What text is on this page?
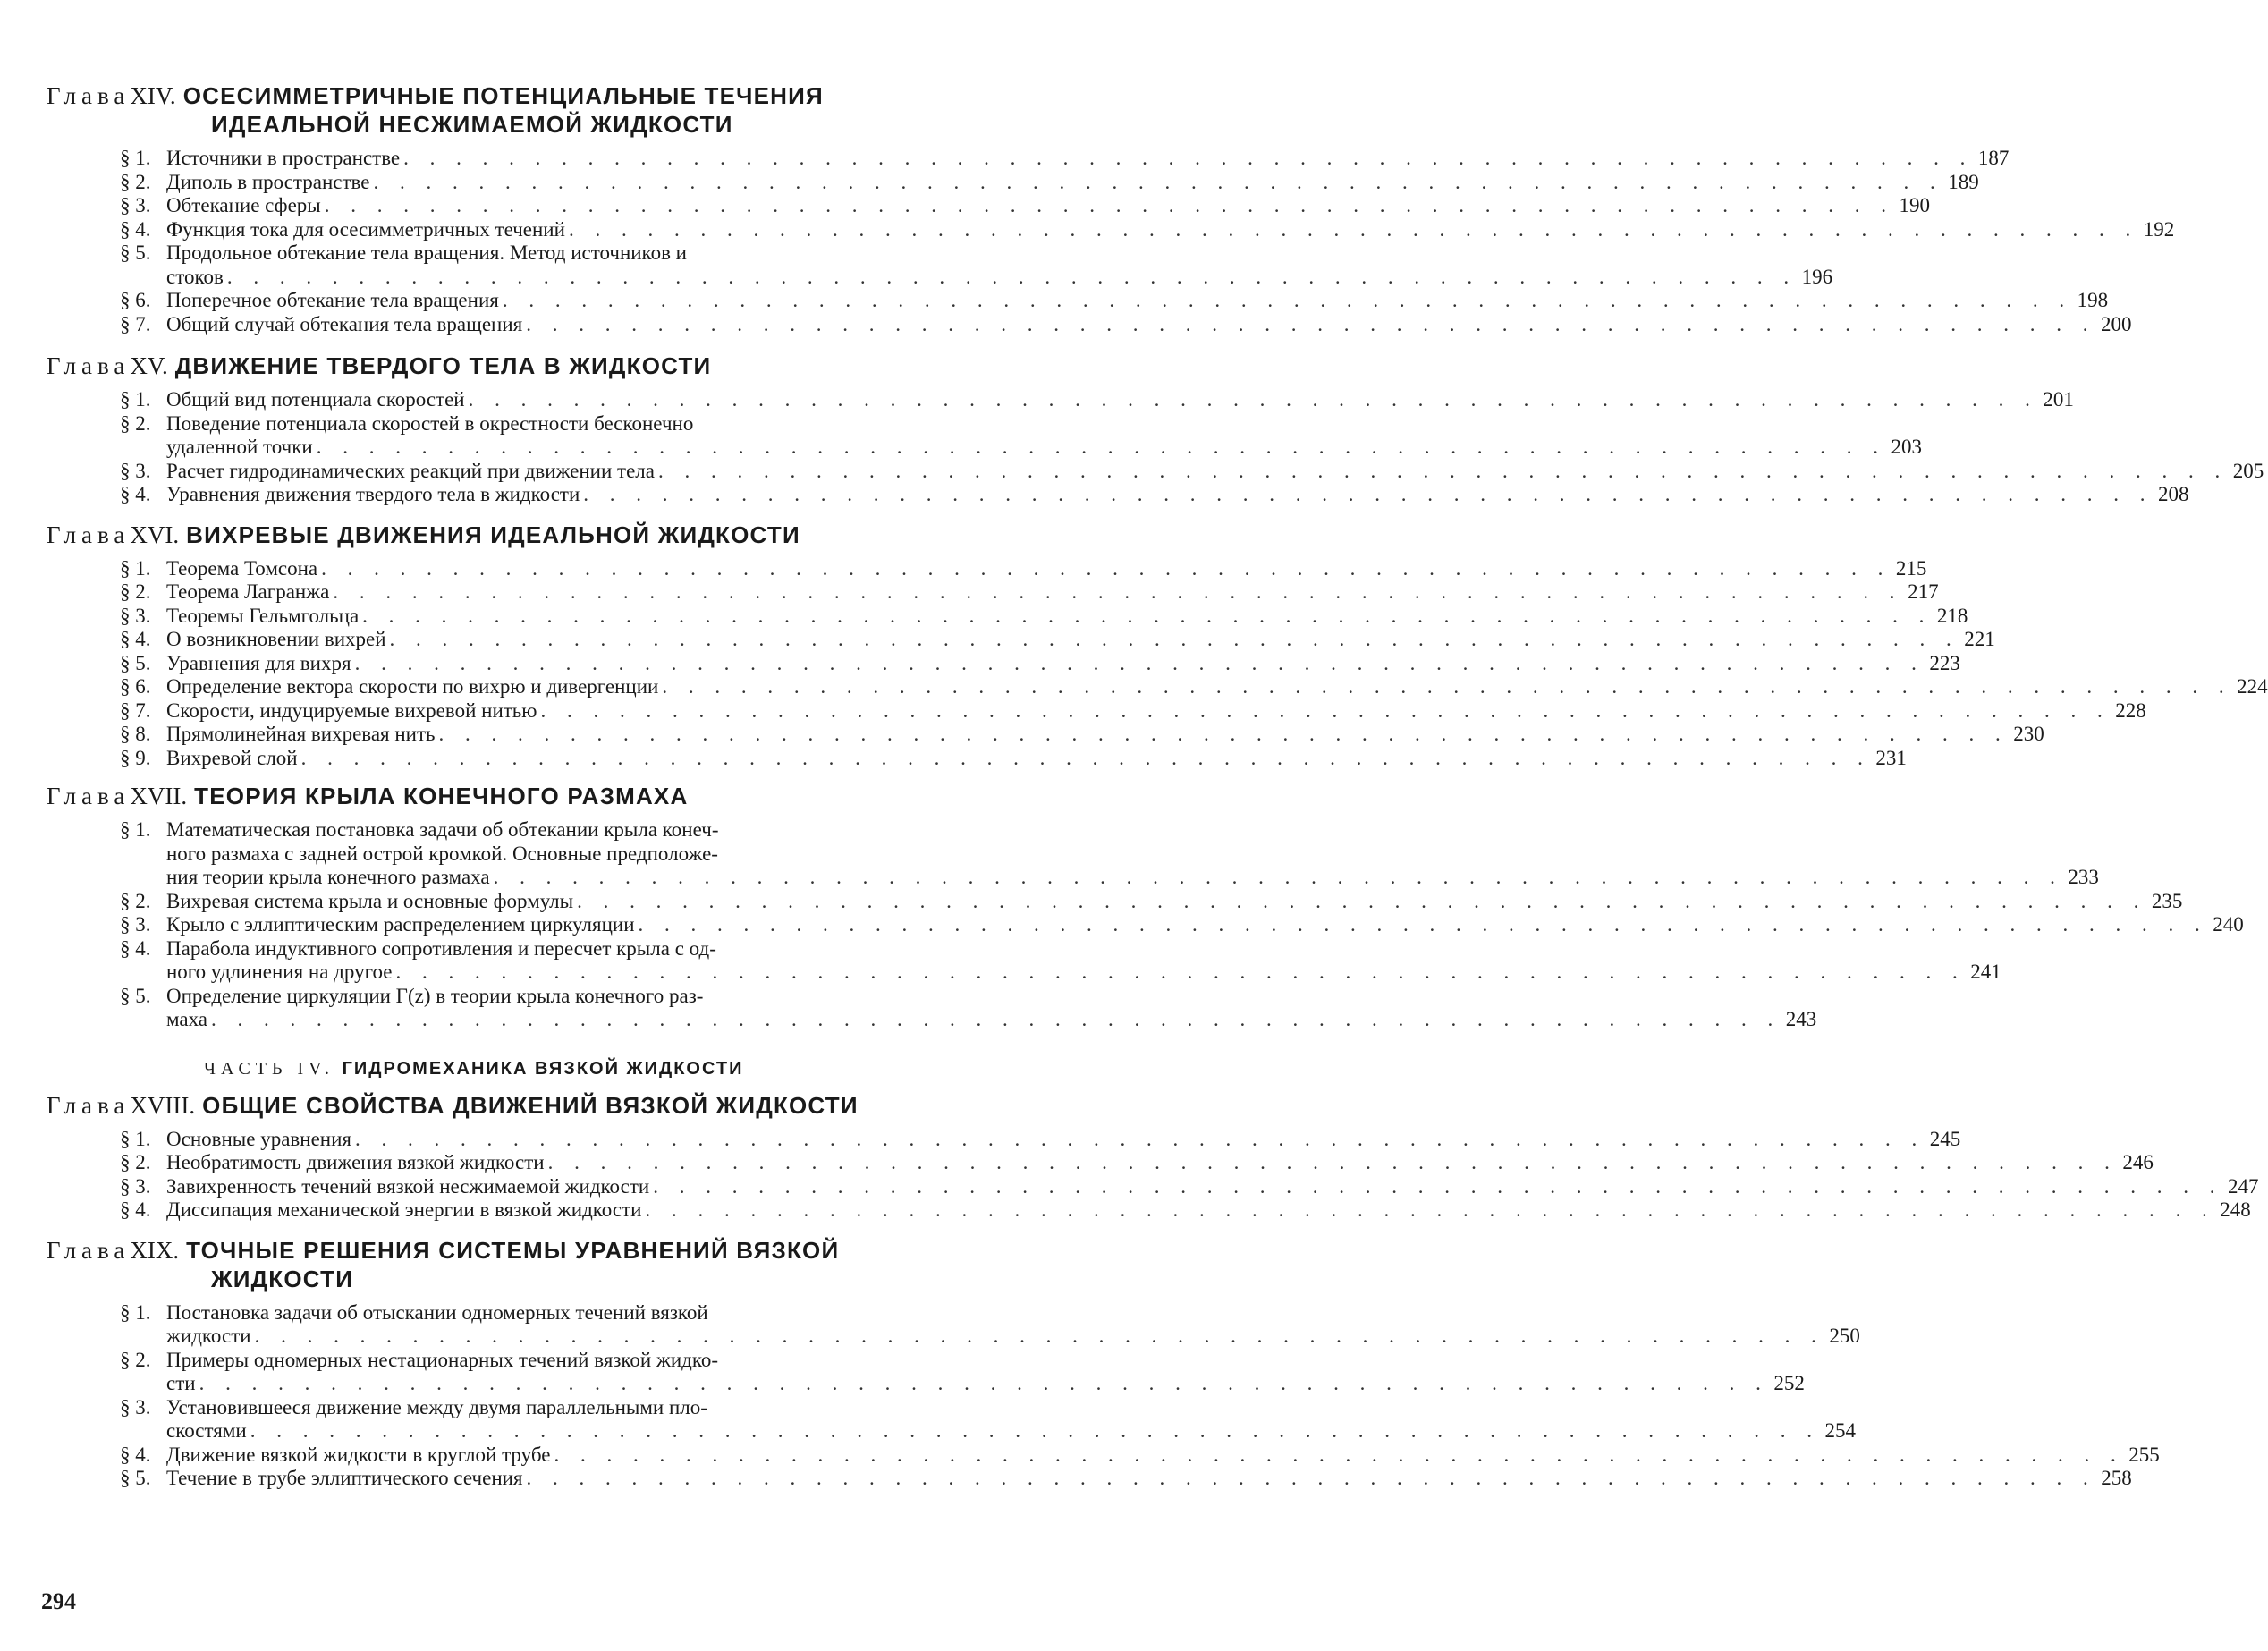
ГлаваXIV. ОСЕСИММЕТРИЧНЫЕ ПОТЕНЦИАЛЬНЫЕ ТЕЧЕНИЯ
ИДЕАЛЬНОЙ НЕСЖИМАЕМОЙ ЖИДКОСТИ
§ 1. Источники в пространстве . . . . . . . . . . . . . . . . . . . . . . . . . . . . . . . . . . . . . . . . . . . . . . . . . . . . . . . . . . . . 187
§ 2. Диполь в пространстве . . . . . . . . . . . . . . . . . . . . . . . . . . . . . . . . . . . . . . . . . . . . . . . . . . . . . . . . . . . . 189
§ 3. Обтекание сферы . . . . . . . . . . . . . . . . . . . . . . . . . . . . . . . . . . . . . . . . . . . . . . . . . . . . . . . . . . . . 190
§ 4. Функция тока для осесимметричных течений . . . . . . . . . . . . . . . . . . . . . . . . . . . . . . . . . . . . . . . . . . . . . . . . . . . . . . . . . . . . 192
§ 5. Продольное обтекание тела вращения. Метод источников и
стоков . . . . . . . . . . . . . . . . . . . . . . . . . . . . . . . . . . . . . . . . . . . . . . . . . . . . . . . . . . . . 196
§ 6. Поперечное обтекание тела вращения . . . . . . . . . . . . . . . . . . . . . . . . . . . . . . . . . . . . . . . . . . . . . . . . . . . . . . . . . . . . 198
§ 7. Общий случай обтекания тела вращения . . . . . . . . . . . . . . . . . . . . . . . . . . . . . . . . . . . . . . . . . . . . . . . . . . . . . . . . . . . . 200
ГлаваXV. ДВИЖЕНИЕ ТВЕРДОГО ТЕЛА В ЖИДКОСТИ
§ 1. Общий вид потенциала скоростей . . . . . . . . . . . . . . . . . . . . . . . . . . . . . . . . . . . . . . . . . . . . . . . . . . . . . . . . . . . . 201
§ 2. Поведение потенциала скоростей в окрестности бесконечно
удаленной точки . . . . . . . . . . . . . . . . . . . . . . . . . . . . . . . . . . . . . . . . . . . . . . . . . . . . . . . . . . . . 203
§ 3. Расчет гидродинамических реакций при движении тела . . . . . . . . . . . . . . . . . . . . . . . . . . . . . . . . . . . . . . . . . . . . . . . . . . . . . . . . . . . . 205
§ 4. Уравнения движения твердого тела в жидкости . . . . . . . . . . . . . . . . . . . . . . . . . . . . . . . . . . . . . . . . . . . . . . . . . . . . . . . . . . . . 208
ГлаваXVI. ВИХРЕВЫЕ ДВИЖЕНИЯ ИДЕАЛЬНОЙ ЖИДКОСТИ
§ 1. Теорема Томсона . . . . . . . . . . . . . . . . . . . . . . . . . . . . . . . . . . . . . . . . . . . . . . . . . . . . . . . . . . . . 215
§ 2. Теорема Лагранжа . . . . . . . . . . . . . . . . . . . . . . . . . . . . . . . . . . . . . . . . . . . . . . . . . . . . . . . . . . . . 217
§ 3. Теоремы Гельмгольца . . . . . . . . . . . . . . . . . . . . . . . . . . . . . . . . . . . . . . . . . . . . . . . . . . . . . . . . . . . . 218
§ 4. О возникновении вихрей . . . . . . . . . . . . . . . . . . . . . . . . . . . . . . . . . . . . . . . . . . . . . . . . . . . . . . . . . . . . 221
§ 5. Уравнения для вихря . . . . . . . . . . . . . . . . . . . . . . . . . . . . . . . . . . . . . . . . . . . . . . . . . . . . . . . . . . . . 223
§ 6. Определение вектора скорости по вихрю и дивергенции . . . . . . . . . . . . . . . . . . . . . . . . . . . . . . . . . . . . . . . . . . . . . . . . . . . . . . . . . . . . 224
§ 7. Скорости, индуцируемые вихревой нитью . . . . . . . . . . . . . . . . . . . . . . . . . . . . . . . . . . . . . . . . . . . . . . . . . . . . . . . . . . . . 228
§ 8. Прямолинейная вихревая нить . . . . . . . . . . . . . . . . . . . . . . . . . . . . . . . . . . . . . . . . . . . . . . . . . . . . . . . . . . . . 230
§ 9. Вихревой слой . . . . . . . . . . . . . . . . . . . . . . . . . . . . . . . . . . . . . . . . . . . . . . . . . . . . . . . . . . . . 231
ГлаваXVII. ТЕОРИЯ КРЫЛА КОНЕЧНОГО РАЗМАХА
§ 1. Математическая постановка задачи об обтекании крыла конеч-
ного размаха с задней острой кромкой. Основные предположе-
ния теории крыла конечного размаха . . . . . . . . . . . . . . . . . . . . . . . . . . . . . . . . . . . . . . . . . . . . . . . . . . . . . . . . . . . . 233
§ 2. Вихревая система крыла и основные формулы . . . . . . . . . . . . . . . . . . . . . . . . . . . . . . . . . . . . . . . . . . . . . . . . . . . . . . . . . . . . 235
§ 3. Крыло с эллиптическим распределением циркуляции . . . . . . . . . . . . . . . . . . . . . . . . . . . . . . . . . . . . . . . . . . . . . . . . . . . . . . . . . . . . 240
§ 4. Парабола индуктивного сопротивления и пересчет крыла с од-
ного удлинения на другое . . . . . . . . . . . . . . . . . . . . . . . . . . . . . . . . . . . . . . . . . . . . . . . . . . . . . . . . . . . . 241
§ 5. Определение циркуляции Γ(z) в теории крыла конечного раз-
маха . . . . . . . . . . . . . . . . . . . . . . . . . . . . . . . . . . . . . . . . . . . . . . . . . . . . . . . . . . . . 243
ЧАСТЬ IV. ГИДРОМЕХАНИКА ВЯЗКОЙ ЖИДКОСТИ
ГлаваXVIII. ОБЩИЕ СВОЙСТВА ДВИЖЕНИЙ ВЯЗКОЙ ЖИДКОСТИ
§ 1. Основные уравнения . . . . . . . . . . . . . . . . . . . . . . . . . . . . . . . . . . . . . . . . . . . . . . . . . . . . . . . . . . . . 245
§ 2. Необратимость движения вязкой жидкости . . . . . . . . . . . . . . . . . . . . . . . . . . . . . . . . . . . . . . . . . . . . . . . . . . . . . . . . . . . . 246
§ 3. Завихренность течений вязкой несжимаемой жидкости . . . . . . . . . . . . . . . . . . . . . . . . . . . . . . . . . . . . . . . . . . . . . . . . . . . . . . . . . . . . 247
§ 4. Диссипация механической энергии в вязкой жидкости . . . . . . . . . . . . . . . . . . . . . . . . . . . . . . . . . . . . . . . . . . . . . . . . . . . . . . . . . . . . 248
ГлаваXIX. ТОЧНЫЕ РЕШЕНИЯ СИСТЕМЫ УРАВНЕНИЙ ВЯЗКОЙ
ЖИДКОСТИ
§ 1. Постановка задачи об отыскании одномерных течений вязкой
жидкости . . . . . . . . . . . . . . . . . . . . . . . . . . . . . . . . . . . . . . . . . . . . . . . . . . . . . . . . . . . . 250
§ 2. Примеры одномерных нестационарных течений вязкой жидко-
сти . . . . . . . . . . . . . . . . . . . . . . . . . . . . . . . . . . . . . . . . . . . . . . . . . . . . . . . . . . . . 252
§ 3. Установившееся движение между двумя параллельными пло-
скостями . . . . . . . . . . . . . . . . . . . . . . . . . . . . . . . . . . . . . . . . . . . . . . . . . . . . . . . . . . . . 254
§ 4. Движение вязкой жидкости в круглой трубе . . . . . . . . . . . . . . . . . . . . . . . . . . . . . . . . . . . . . . . . . . . . . . . . . . . . . . . . . . . . 255
§ 5. Течение в трубе эллиптического сечения . . . . . . . . . . . . . . . . . . . . . . . . . . . . . . . . . . . . . . . . . . . . . . . . . . . . . . . . . . . . 258
294
